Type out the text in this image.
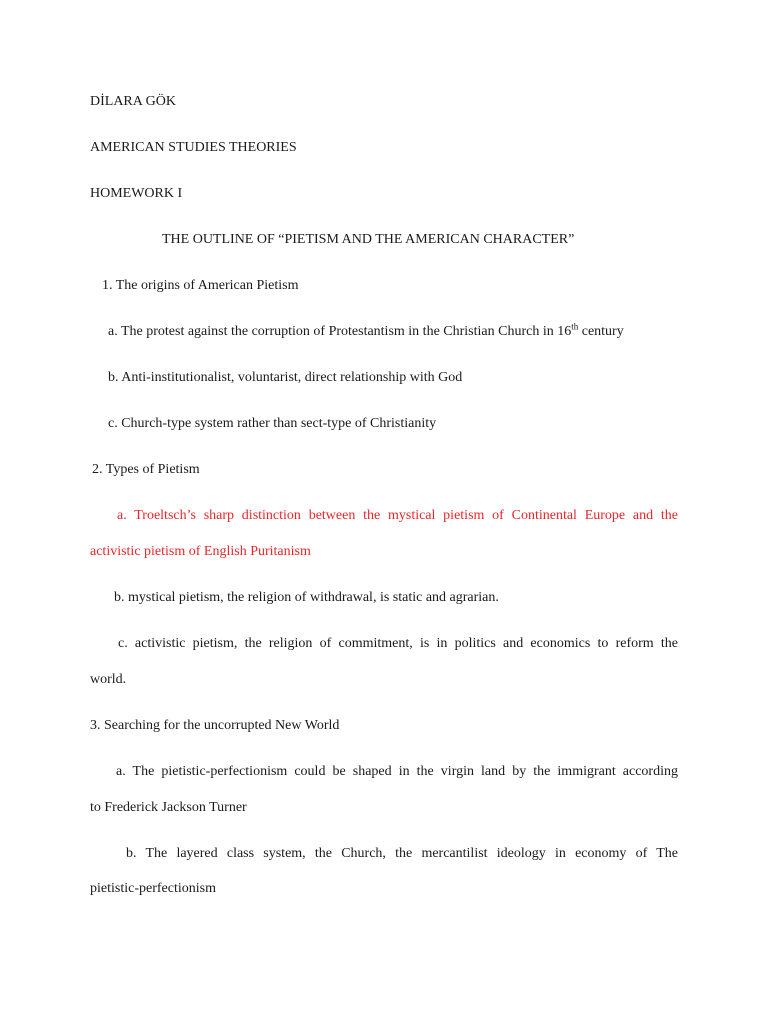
DİLARA GÖK
AMERICAN STUDIES THEORIES
HOMEWORK I
THE OUTLINE OF “PIETISM AND THE AMERICAN CHARACTER”
1. The origins of American Pietism
a. The protest against the corruption of Protestantism in the Christian Church in 16th century
b. Anti-institutionalist, voluntarist, direct relationship with God
c. Church-type system rather than sect-type of Christianity
2. Types of Pietism
a. Troeltsch’s sharp distinction between the mystical pietism of Continental Europe and the
activistic pietism of English Puritanism
b. mystical pietism, the religion of withdrawal, is static and agrarian.
c. activistic pietism, the religion of commitment, is in politics and economics to reform the
world.
3. Searching for the uncorrupted New World
a. The pietistic-perfectionism could be shaped in the virgin land by the immigrant according
to Frederick Jackson Turner
b. The layered class system, the Church, the mercantilist ideology in economy of The
pietistic-perfectionism
